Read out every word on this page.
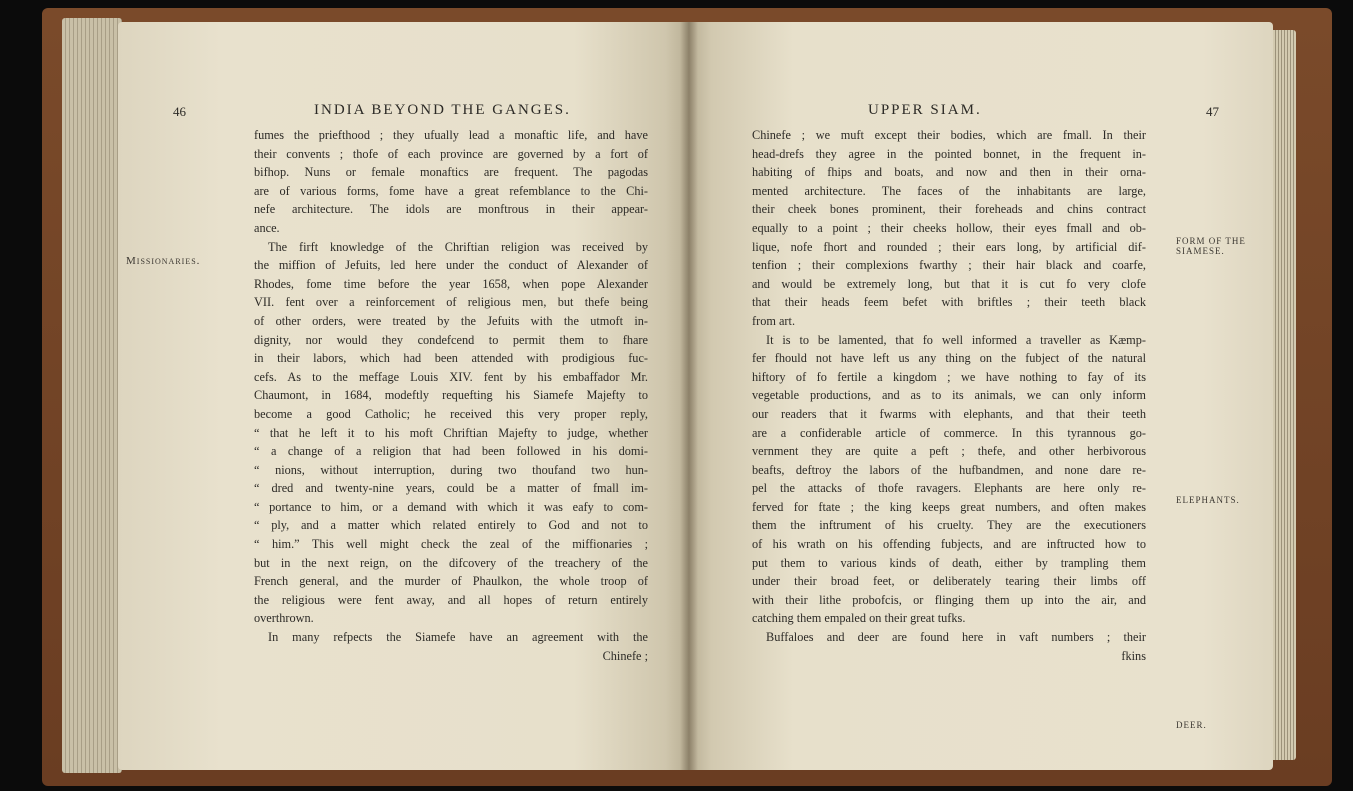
46	INDIA BEYOND THE GANGES.
Missionaries.
fumes the priefthood ; they ufually lead a monaftic life, and have
their convents ; thofe of each province are governed by a fort of
bifhop. Nuns or female monaftics are frequent. The pagodas
are of various forms, fome have a great refemblance to the Chi-
nefe architecture. The idols are monftrous in their appear-
ance.
The firft knowledge of the Chriftian religion was received by
the miffion of Jefuits, led here under the conduct of Alexander of
Rhodes, fome time before the year 1658, when pope Alexander
VII. fent over a reinforcement of religious men, but thefe being
of other orders, were treated by the Jefuits with the utmoft in-
dignity, nor would they condefcend to permit them to fhare
in their labors, which had been attended with prodigious fuc-
cefs. As to the meffage Louis XIV. fent by his embaffador Mr.
Chaumont, in 1684, modeftly requefting his Siamefe Majefty to
become a good Catholic; he received this very proper reply,
“ that he left it to his moft Chriftian Majefty to judge, whether
“ a change of a religion that had been followed in his domi-
“ nions, without interruption, during two thoufand two hun-
“ dred and twenty-nine years, could be a matter of fmall im-
“ portance to him, or a demand with which it was eafy to com-
“ ply, and a matter which related entirely to God and not to
“ him.” This well might check the zeal of the miffionaries ;
but in the next reign, on the difcovery of the treachery of the
French general, and the murder of Phaulkon, the whole troop of
the religious were fent away, and all hopes of return entirely
overthrown.
In many refpects the Siamefe have an agreement with the
Chinefe ;
UPPER SIAM.	47
FORM OF THE SIAMESE.
ELEPHANTS.
DEER.
Chinefe ; we muft except their bodies, which are fmall. In their
head-drefs they agree in the pointed bonnet, in the frequent in-
habiting of fhips and boats, and now and then in their orna-
mented architecture. The faces of the inhabitants are large,
their cheek bones prominent, their foreheads and chins contract
equally to a point ; their cheeks hollow, their eyes fmall and ob-
lique, nofe fhort and rounded ; their ears long, by artificial dif-
tenfion ; their complexions fwarthy ; their hair black and coarfe,
and would be extremely long, but that it is cut fo very clofe
that their heads feem befet with briftles ; their teeth black
from art.
It is to be lamented, that fo well informed a traveller as Kæmp-
fer fhould not have left us any thing on the fubject of the natural
hiftory of fo fertile a kingdom ; we have nothing to fay of its
vegetable productions, and as to its animals, we can only inform
our readers that it fwarms with elephants, and that their teeth
are a confiderable article of commerce. In this tyrannous go-
vernment they are quite a peft ; thefe, and other herbivorous
beafts, deftroy the labors of the hufbandmen, and none dare re-
pel the attacks of thofe ravagers. Elephants are here only re-
ferved for ftate ; the king keeps great numbers, and often makes
them the inftrument of his cruelty. They are the executioners
of his wrath on his offending fubjects, and are inftructed how to
put them to various kinds of death, either by trampling them
under their broad feet, or deliberately tearing their limbs off
with their lithe probofcis, or flinging them up into the air, and
catching them empaled on their great tufks.
Buffaloes and deer are found here in vaft numbers ; their
fkins
